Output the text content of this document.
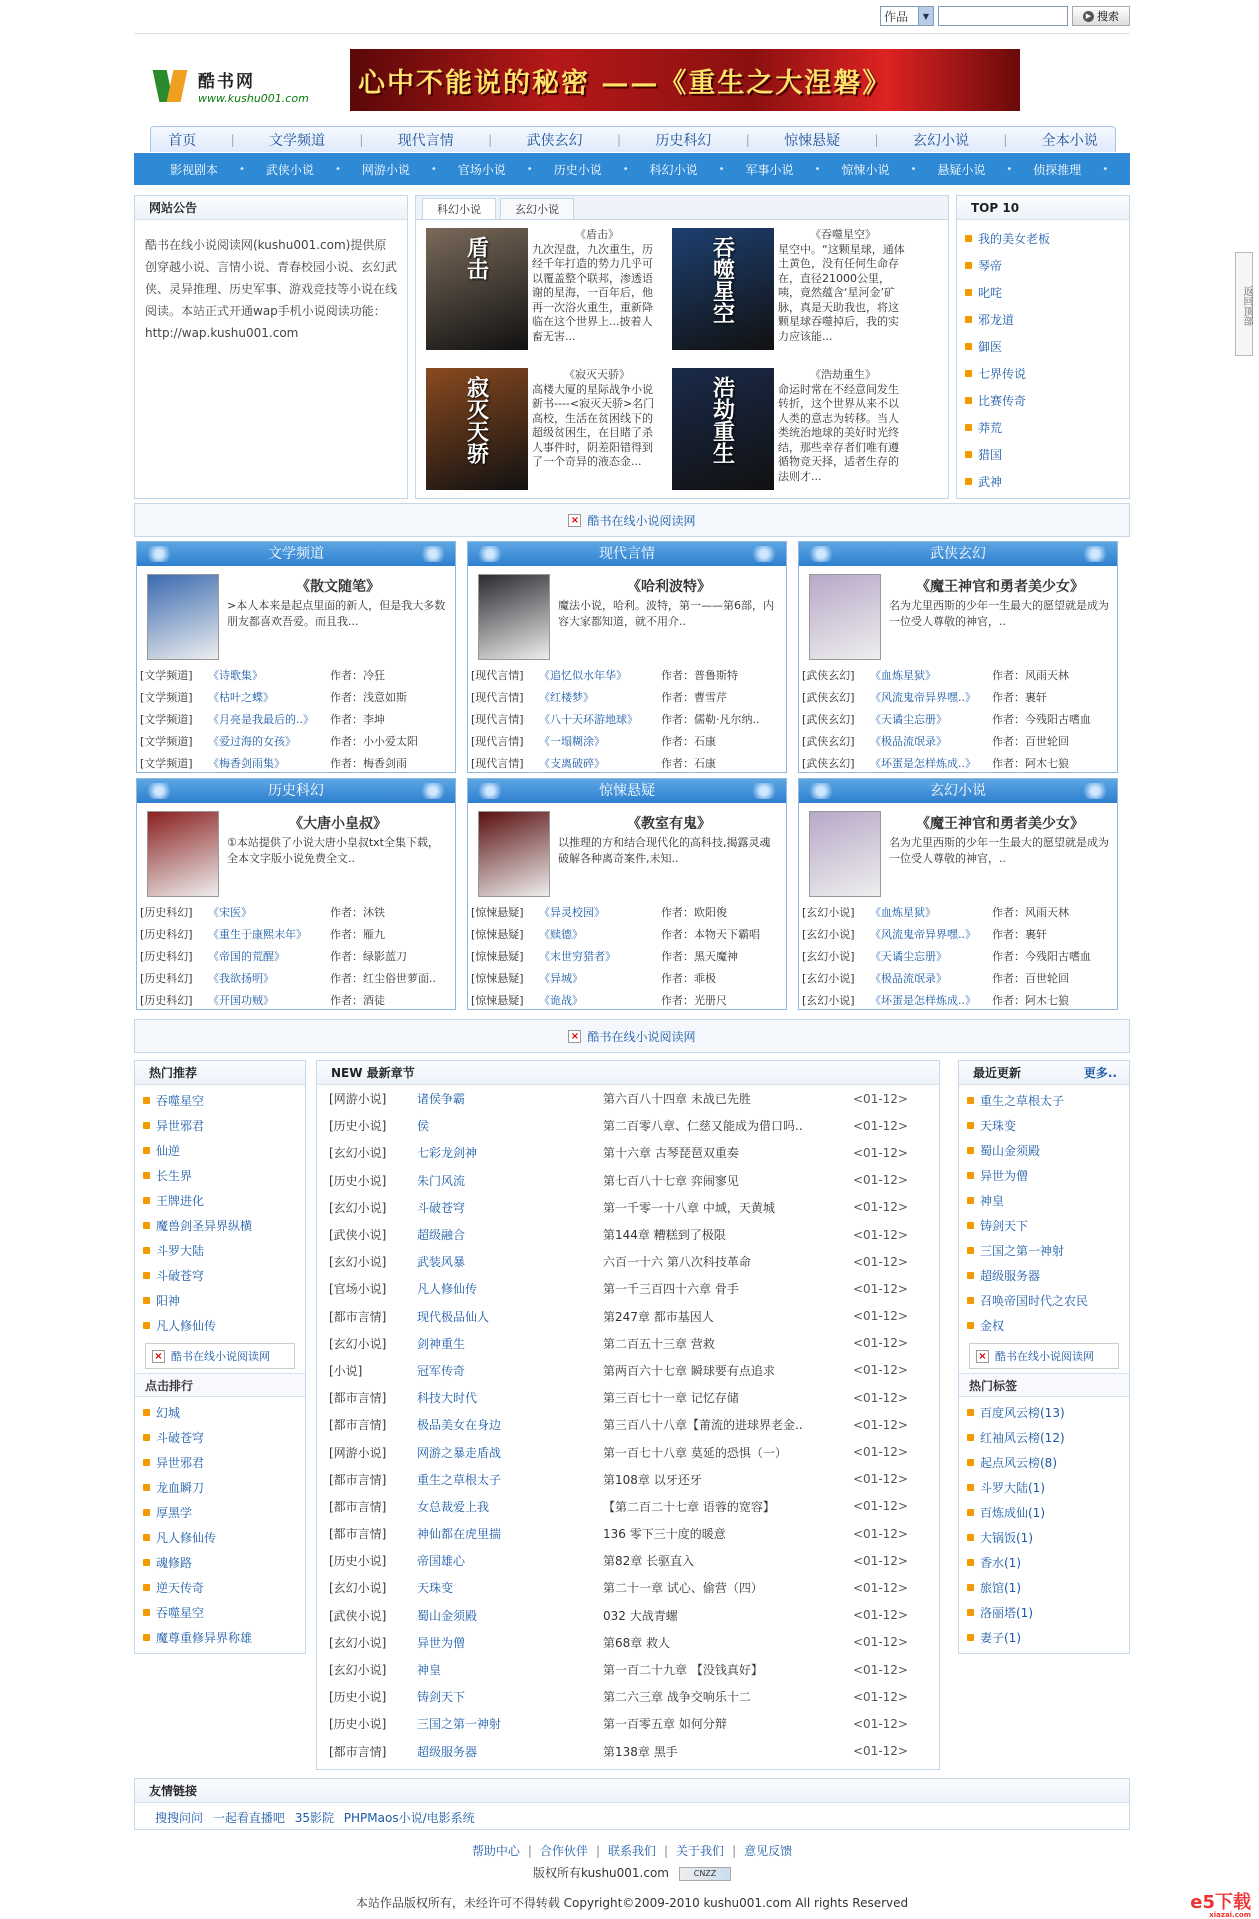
作品	▼	▶ 搜索
酷书网
www.kushu001.com 心中不能说的秘密 ——《重生之大涅磐》
首页	| 文学频道	| 现代言情	| 武侠玄幻	| 历史科幻	| 惊悚悬疑	| 玄幻小说	| 全本小说
影视剧本 • 武侠小说 • 网游小说 • 官场小说 • 历史小说 • 科幻小说 • 军事小说 • 惊悚小说 • 悬疑小说 • 侦探推理 • 恐
网站公告
酷书在线小说阅读网(kushu001.com)提供原创穿越小说、言情小说、青春校园小说、玄幻武侠、灵异推理、历史军事、游戏竞技等小说在线阅读。本站正式开通wap手机小说阅读功能：http://wap.kushu001.com
科幻小说	玄幻小说
盾击
《盾击》
九次涅盘，九次重生，历经千年打造的势力几乎可以覆盖整个联邦，渗透语谢的星海，一百年后，他再一次浴火重生，重新降临在这个世界上...披着人畜无害...
吞噬星空
《吞噬星空》
星空中。“这颗星球，通体土黄色，没有任何生命存在，直径21000公里，咦，竟然蕴含‘星河金’矿脉，真是天助我也，将这颗星球吞噬掉后，我的实力应该能...
寂灭天骄
《寂灭天骄》
高楼大厦的星际战争小说新书----<寂灭天骄>名门高校，生活在贫困线下的超级贫困生，在目睹了杀人事件时，阴差阳错得到了一个奇异的液态金...	浩劫重生
《浩劫重生》
命运时常在不经意间发生转折，这个世界从来不以人类的意志为转移。当人类统治地球的美好时光终结，那些幸存者们唯有遵循物竞天择，适者生存的法则才...
TOP 10
我的美女老板
琴帝
叱咤
邪龙道
御医
七界传说
比赛传奇
莽荒
猎国
武神
× 酷书在线小说阅读网
文学频道
《散文随笔》
>本人本来是起点里面的新人，但是我大多数朋友都喜欢吾爱。而且我...
[文学频道]	《诗歌集》	作者：冷狂
[文学频道]	《枯叶之蝶》	作者：浅意如斯
[文学频道]	《月亮是我最后的..》	作者：李坤
[文学频道]	《爱过海的女孩》	作者：小小爱太阳
[文学频道]	《梅香剑雨集》	作者：梅香剑雨
现代言情
《哈利波特》
魔法小说，哈利。波特，第一——第6部，内容大家都知道，就不用介..
[现代言情]	《追忆似水年华》	作者：普鲁斯特
[现代言情]	《红楼梦》	作者：曹雪芹
[现代言情]	《八十天环游地球》	作者：儒勒·凡尔纳..
[现代言情]	《一塌糊涂》	作者：石康
[现代言情]	《支离破碎》	作者：石康
武侠玄幻
《魔王神官和勇者美少女》
名为尤里西斯的少年一生最大的愿望就是成为一位受人尊敬的神官，..
[武侠玄幻]	《血炼星狱》	作者：风雨天林
[武侠玄幻]	《风流鬼帝异界嘿..》	作者：裹轩
[武侠玄幻]	《天谲尘忘册》	作者：今残阳古嗜血
[武侠玄幻]	《极品流氓录》	作者：百世轮回
[武侠玄幻]	《坏蛋是怎样炼成..》	作者：阿木七狼
历史科幻
《大唐小皇叔》
①本站提供了小说大唐小皇叔txt全集下载，全本文字版小说免费全文..
[历史科幻]	《宋医》	作者：沐铁
[历史科幻]	《重生于康熙末年》	作者：雁九
[历史科幻]	《帝国的荒醒》	作者：绿影蓝刀
[历史科幻]	《我欲扬明》	作者：红尘俗世萝面..
[历史科幻]	《开国功贼》	作者：酒徒
惊悚悬疑
《教室有鬼》
以推理的方和结合现代化的高科技,揭露灵魂破解各种离奇案件,未知..
[惊悚悬疑]	《异灵校园》	作者：欧阳俊
[惊悚悬疑]	《赎德》	作者：本物天下霸唱
[惊悚悬疑]	《末世穷猎者》	作者：黑天魔神
[惊悚悬疑]	《异城》	作者：乖极
[惊悚悬疑]	《诡战》	作者：光册尺
玄幻小说
《魔王神官和勇者美少女》
名为尤里西斯的少年一生最大的愿望就是成为一位受人尊敬的神官，..
[玄幻小说]	《血炼星狱》	作者：风雨天林
[玄幻小说]	《风流鬼帝异界嘿..》	作者：裹轩
[玄幻小说]	《天谲尘忘册》	作者：今残阳古嗜血
[玄幻小说]	《极品流氓录》	作者：百世轮回
[玄幻小说]	《坏蛋是怎样炼成..》	作者：阿木七狼
× 酷书在线小说阅读网
热门推荐
吞噬星空
异世邪君
仙逆
长生界
王牌进化
魔兽剑圣异界纵横
斗罗大陆
斗破苍穹
阳神
凡人修仙传
× 酷书在线小说阅读网
点击排行
幻城
斗破苍穹
异世邪君
龙血瞬刀
厚黑学
凡人修仙传
魂修路
逆天传奇
吞噬星空
魔尊重修异界称雄
NEW 最新章节
[网游小说]	诸侯争霸	第六百八十四章 未战已先胜	<01-12>
[历史小说]	侯	第二百零八章、仁慈又能成为借口吗..	<01-12>
[玄幻小说]	七彩龙剑神	第十六章 古琴琵琶双重奏	<01-12>
[历史小说]	朱门风流	第七百八十七章 弈闹寥见	<01-12>
[玄幻小说]	斗破苍穹	第一千零一十八章 中域，天黄城	<01-12>
[武侠小说]	超级融合	第144章 糟糕到了极限	<01-12>
[玄幻小说]	武装风暴	六百一十六 第八次科技革命	<01-12>
[官场小说]	凡人修仙传	第一千三百四十六章 骨手	<01-12>
[都市言情]	现代极品仙人	第247章 都市基因人	<01-12>
[玄幻小说]	剑神重生	第二百五十三章 营救	<01-12>
[小说]	冠军传奇	第两百六十七章 瞬球要有点追求	<01-12>
[都市言情]	科技大时代	第三百七十一章 记忆存储	<01-12>
[都市言情]	极品美女在身边	第三百八十八章【莆流的进球界老金..	<01-12>
[网游小说]	网游之暴走盾战	第一百七十八章 莫延的恐惧（一）	<01-12>
[都市言情]	重生之草根太子	第108章 以牙还牙	<01-12>
[都市言情]	女总裁爱上我	【第二百二十七章 语蓉的宽容】	<01-12>
[都市言情]	神仙都在虎里揣	136 零下三十度的暖意	<01-12>
[历史小说]	帝国雄心	第82章 长驱直入	<01-12>
[玄幻小说]	天珠变	第二十一章 试心、偷营（四）	<01-12>
[武侠小说]	蜀山金须殿	032 大战青螺	<01-12>
[玄幻小说]	异世为僧	第68章 救人	<01-12>
[玄幻小说]	神皇	第一百二十九章 【没钱真好】	<01-12>
[历史小说]	铸剑天下	第二六三章 战争交响乐十二	<01-12>
[历史小说]	三国之第一神射	第一百零五章 如何分辩	<01-12>
[都市言情]	超级服务器	第138章 黑手	<01-12>
最近更新	更多..
重生之草根太子
天珠变
蜀山金须殿
异世为僧
神皇
铸剑天下
三国之第一神射
超级服务器
召唤帝国时代之农民
金权
× 酷书在线小说阅读网
热门标签
百度风云榜(13)
红袖风云榜(12)
起点风云榜(8)
斗罗大陆(1)
百炼成仙(1)
大锅饭(1)
香水(1)
旅馆(1)
洛丽塔(1)
妻子(1)
友情链接
搜搜问问 一起看直播吧 35影院 PHPMaos小说/电影系统
帮助中心 | 合作伙伴 | 联系我们 | 关于我们 | 意见反馈
版权所有kushu001.com	CNZZ
本站作品版权所有，未经许可不得转载 Copyright©2009-2010 kushu001.com All rights Reserved
返回顶部
e5下载
xiazai.com
